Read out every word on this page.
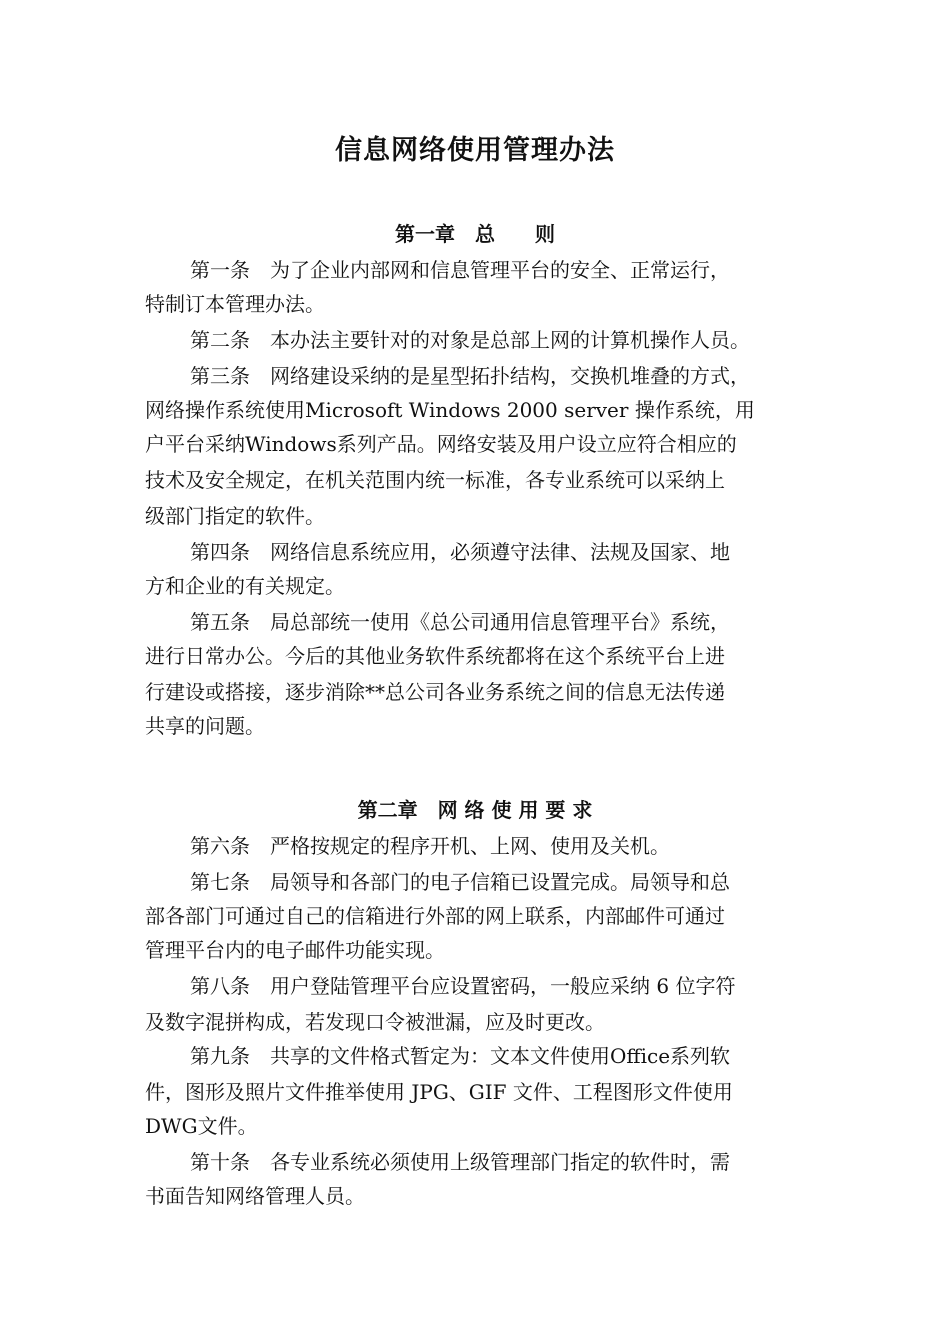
信息网络使用管理办法
第一章　总　　则

第一条　为了企业内部网和信息管理平台的安全、正常运行，

特制订本管理办法。

第二条　本办法主要针对的对象是总部上网的计算机操作人员。

第三条　网络建设采纳的是星型拓扑结构，交换机堆叠的方式，

网络操作系统使用Microsoft Windows 2000 server 操作系统，用

户平台采纳Windows系列产品。网络安装及用户设立应符合相应的

技术及安全规定，在机关范围内统一标准，各专业系统可以采纳上

级部门指定的软件。

第四条　网络信息系统应用，必须遵守法律、法规及国家、地

方和企业的有关规定。

第五条　局总部统一使用《总公司通用信息管理平台》系统，

进行日常办公。今后的其他业务软件系统都将在这个系统平台上进

行建设或搭接，逐步消除**总公司各业务系统之间的信息无法传递

共享的问题。

第二章　网 络 使 用 要 求

第六条　严格按规定的程序开机、上网、使用及关机。

第七条　局领导和各部门的电子信箱已设置完成。局领导和总

部各部门可通过自己的信箱进行外部的网上联系，内部邮件可通过

管理平台内的电子邮件功能实现。

第八条　用户登陆管理平台应设置密码，一般应采纳 6 位字符

及数字混拼构成，若发现口令被泄漏，应及时更改。

第九条　共享的文件格式暂定为：文本文件使用Office系列软

件，图形及照片文件推举使用 JPG、GIF 文件、工程图形文件使用

DWG文件。

第十条　各专业系统必须使用上级管理部门指定的软件时，需

书面告知网络管理人员。
